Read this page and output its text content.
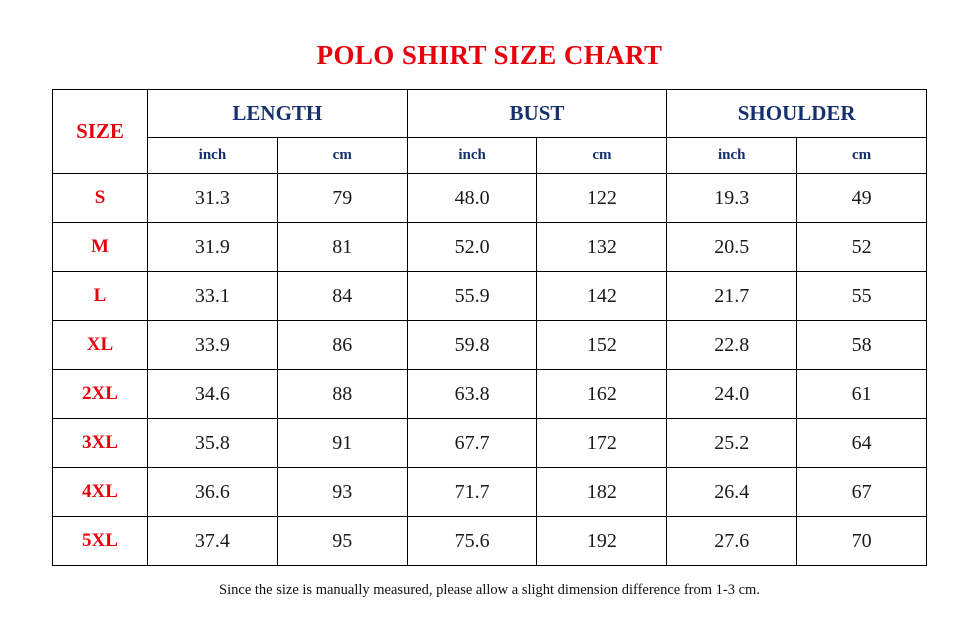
POLO SHIRT SIZE CHART
SIZE	LENGTH		BUST		SHOULDER	
	inch	cm	inch	cm	inch	cm
S	31.3	79	48.0	122	19.3	49
M	31.9	81	52.0	132	20.5	52
L	33.1	84	55.9	142	21.7	55
XL	33.9	86	59.8	152	22.8	58
2XL	34.6	88	63.8	162	24.0	61
3XL	35.8	91	67.7	172	25.2	64
4XL	36.6	93	71.7	182	26.4	67
5XL	37.4	95	75.6	192	27.6	70

Since the size is manually measured, please allow a slight dimension difference from 1-3 cm.
